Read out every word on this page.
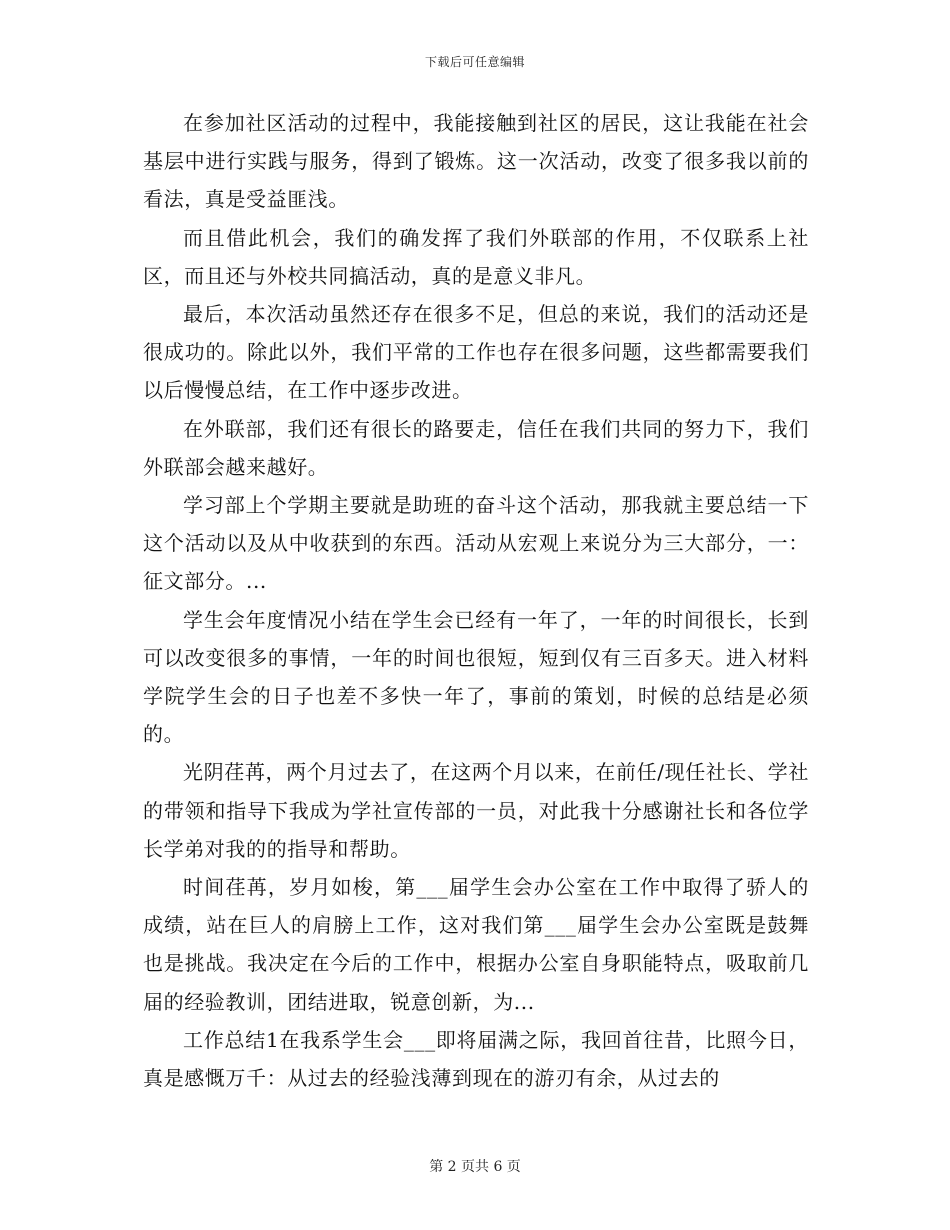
下载后可任意编辑

在参加社区活动的过程中，我能接触到社区的居民，这让我能在社会基层中进行实践与服务，得到了锻炼。这一次活动，改变了很多我以前的看法，真是受益匪浅。

而且借此机会，我们的确发挥了我们外联部的作用，不仅联系上社区，而且还与外校共同搞活动，真的是意义非凡。

最后，本次活动虽然还存在很多不足，但总的来说，我们的活动还是很成功的。除此以外，我们平常的工作也存在很多问题，这些都需要我们以后慢慢总结，在工作中逐步改进。

在外联部，我们还有很长的路要走，信任在我们共同的努力下，我们外联部会越来越好。

学习部上个学期主要就是助班的奋斗这个活动，那我就主要总结一下这个活动以及从中收获到的东西。活动从宏观上来说分为三大部分，一：征文部分。...

学生会年度情况小结在学生会已经有一年了，一年的时间很长，长到可以改变很多的事情，一年的时间也很短，短到仅有三百多天。进入材料学院学生会的日子也差不多快一年了，事前的策划，时候的总结是必须的。

光阴荏苒，两个月过去了，在这两个月以来，在前任/现任社长、学社的带领和指导下我成为学社宣传部的一员，对此我十分感谢社长和各位学长学弟对我的的指导和帮助。

时间荏苒，岁月如梭，第___届学生会办公室在工作中取得了骄人的成绩，站在巨人的肩膀上工作，这对我们第___届学生会办公室既是鼓舞也是挑战。我决定在今后的工作中，根据办公室自身职能特点，吸取前几届的经验教训，团结进取，锐意创新，为...

工作总结1在我系学生会___即将届满之际，我回首往昔，比照今日，真是感慨万千：从过去的经验浅薄到现在的游刃有余，从过去的

第 2 页共 6 页
